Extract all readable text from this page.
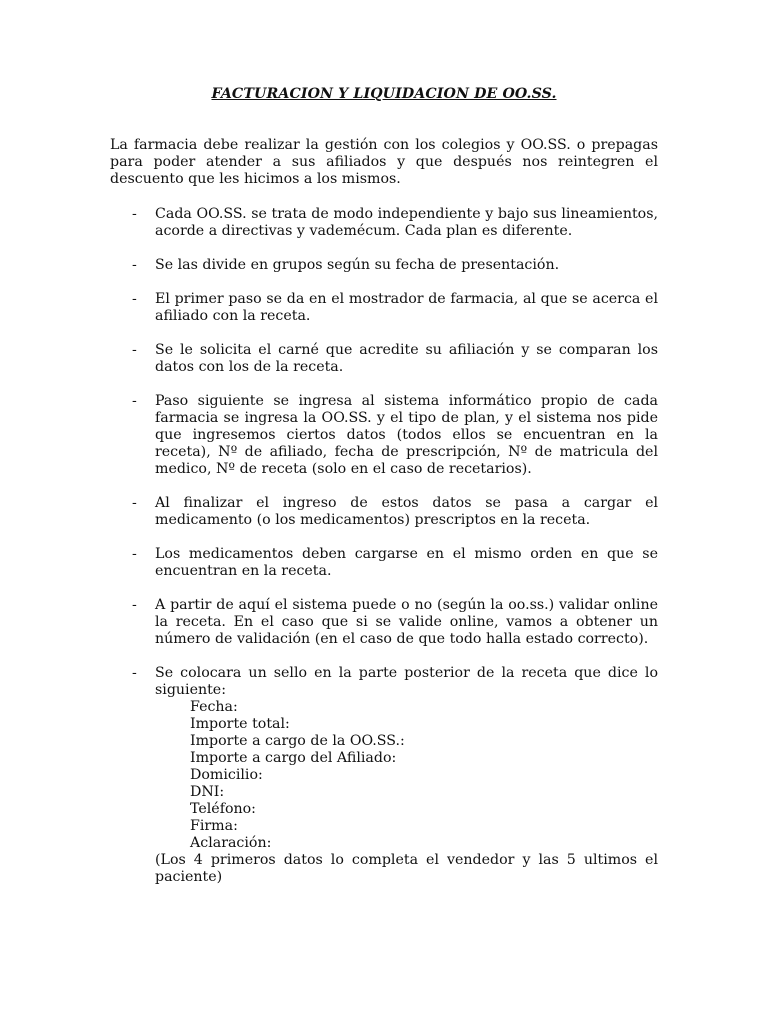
FACTURACION Y LIQUIDACION DE OO.SS.
La farmacia debe realizar la gestión con los colegios y OO.SS. o prepagas para poder atender a sus afiliados y que después nos reintegren el descuento que les hicimos a los mismos.
- Cada OO.SS. se trata de modo independiente y bajo sus lineamientos, acorde a directivas y vademécum. Cada plan es diferente.
- Se las divide en grupos según su fecha de presentación.
- El primer paso se da en el mostrador de farmacia, al que se acerca el afiliado con la receta.
- Se le solicita el carné que acredite su afiliación y se comparan los datos con los de la receta.
- Paso siguiente se ingresa al sistema informático propio de cada farmacia se ingresa la OO.SS. y el tipo de plan, y el sistema nos pide que ingresemos ciertos datos (todos ellos se encuentran en la receta), Nº de afiliado, fecha de prescripción, Nº de matricula del medico, Nº de receta (solo en el caso de recetarios).
- Al finalizar el ingreso de estos datos se pasa a cargar el medicamento (o los medicamentos) prescriptos en la receta.
- Los medicamentos deben cargarse en el mismo orden en que se encuentran en la receta.
- A partir de aquí el sistema puede o no (según la oo.ss.) validar online la receta. En el caso que si se valide online, vamos a obtener un número de validación (en el caso de que todo halla estado correcto).
- Se colocara un sello en la parte posterior de la receta que dice lo siguiente:
Fecha:
Importe total:
Importe a cargo de la OO.SS.:
Importe a cargo del Afiliado:
Domicilio:
DNI:
Teléfono:
Firma:
Aclaración:
(Los 4 primeros datos lo completa el vendedor y las 5 ultimos el paciente)
